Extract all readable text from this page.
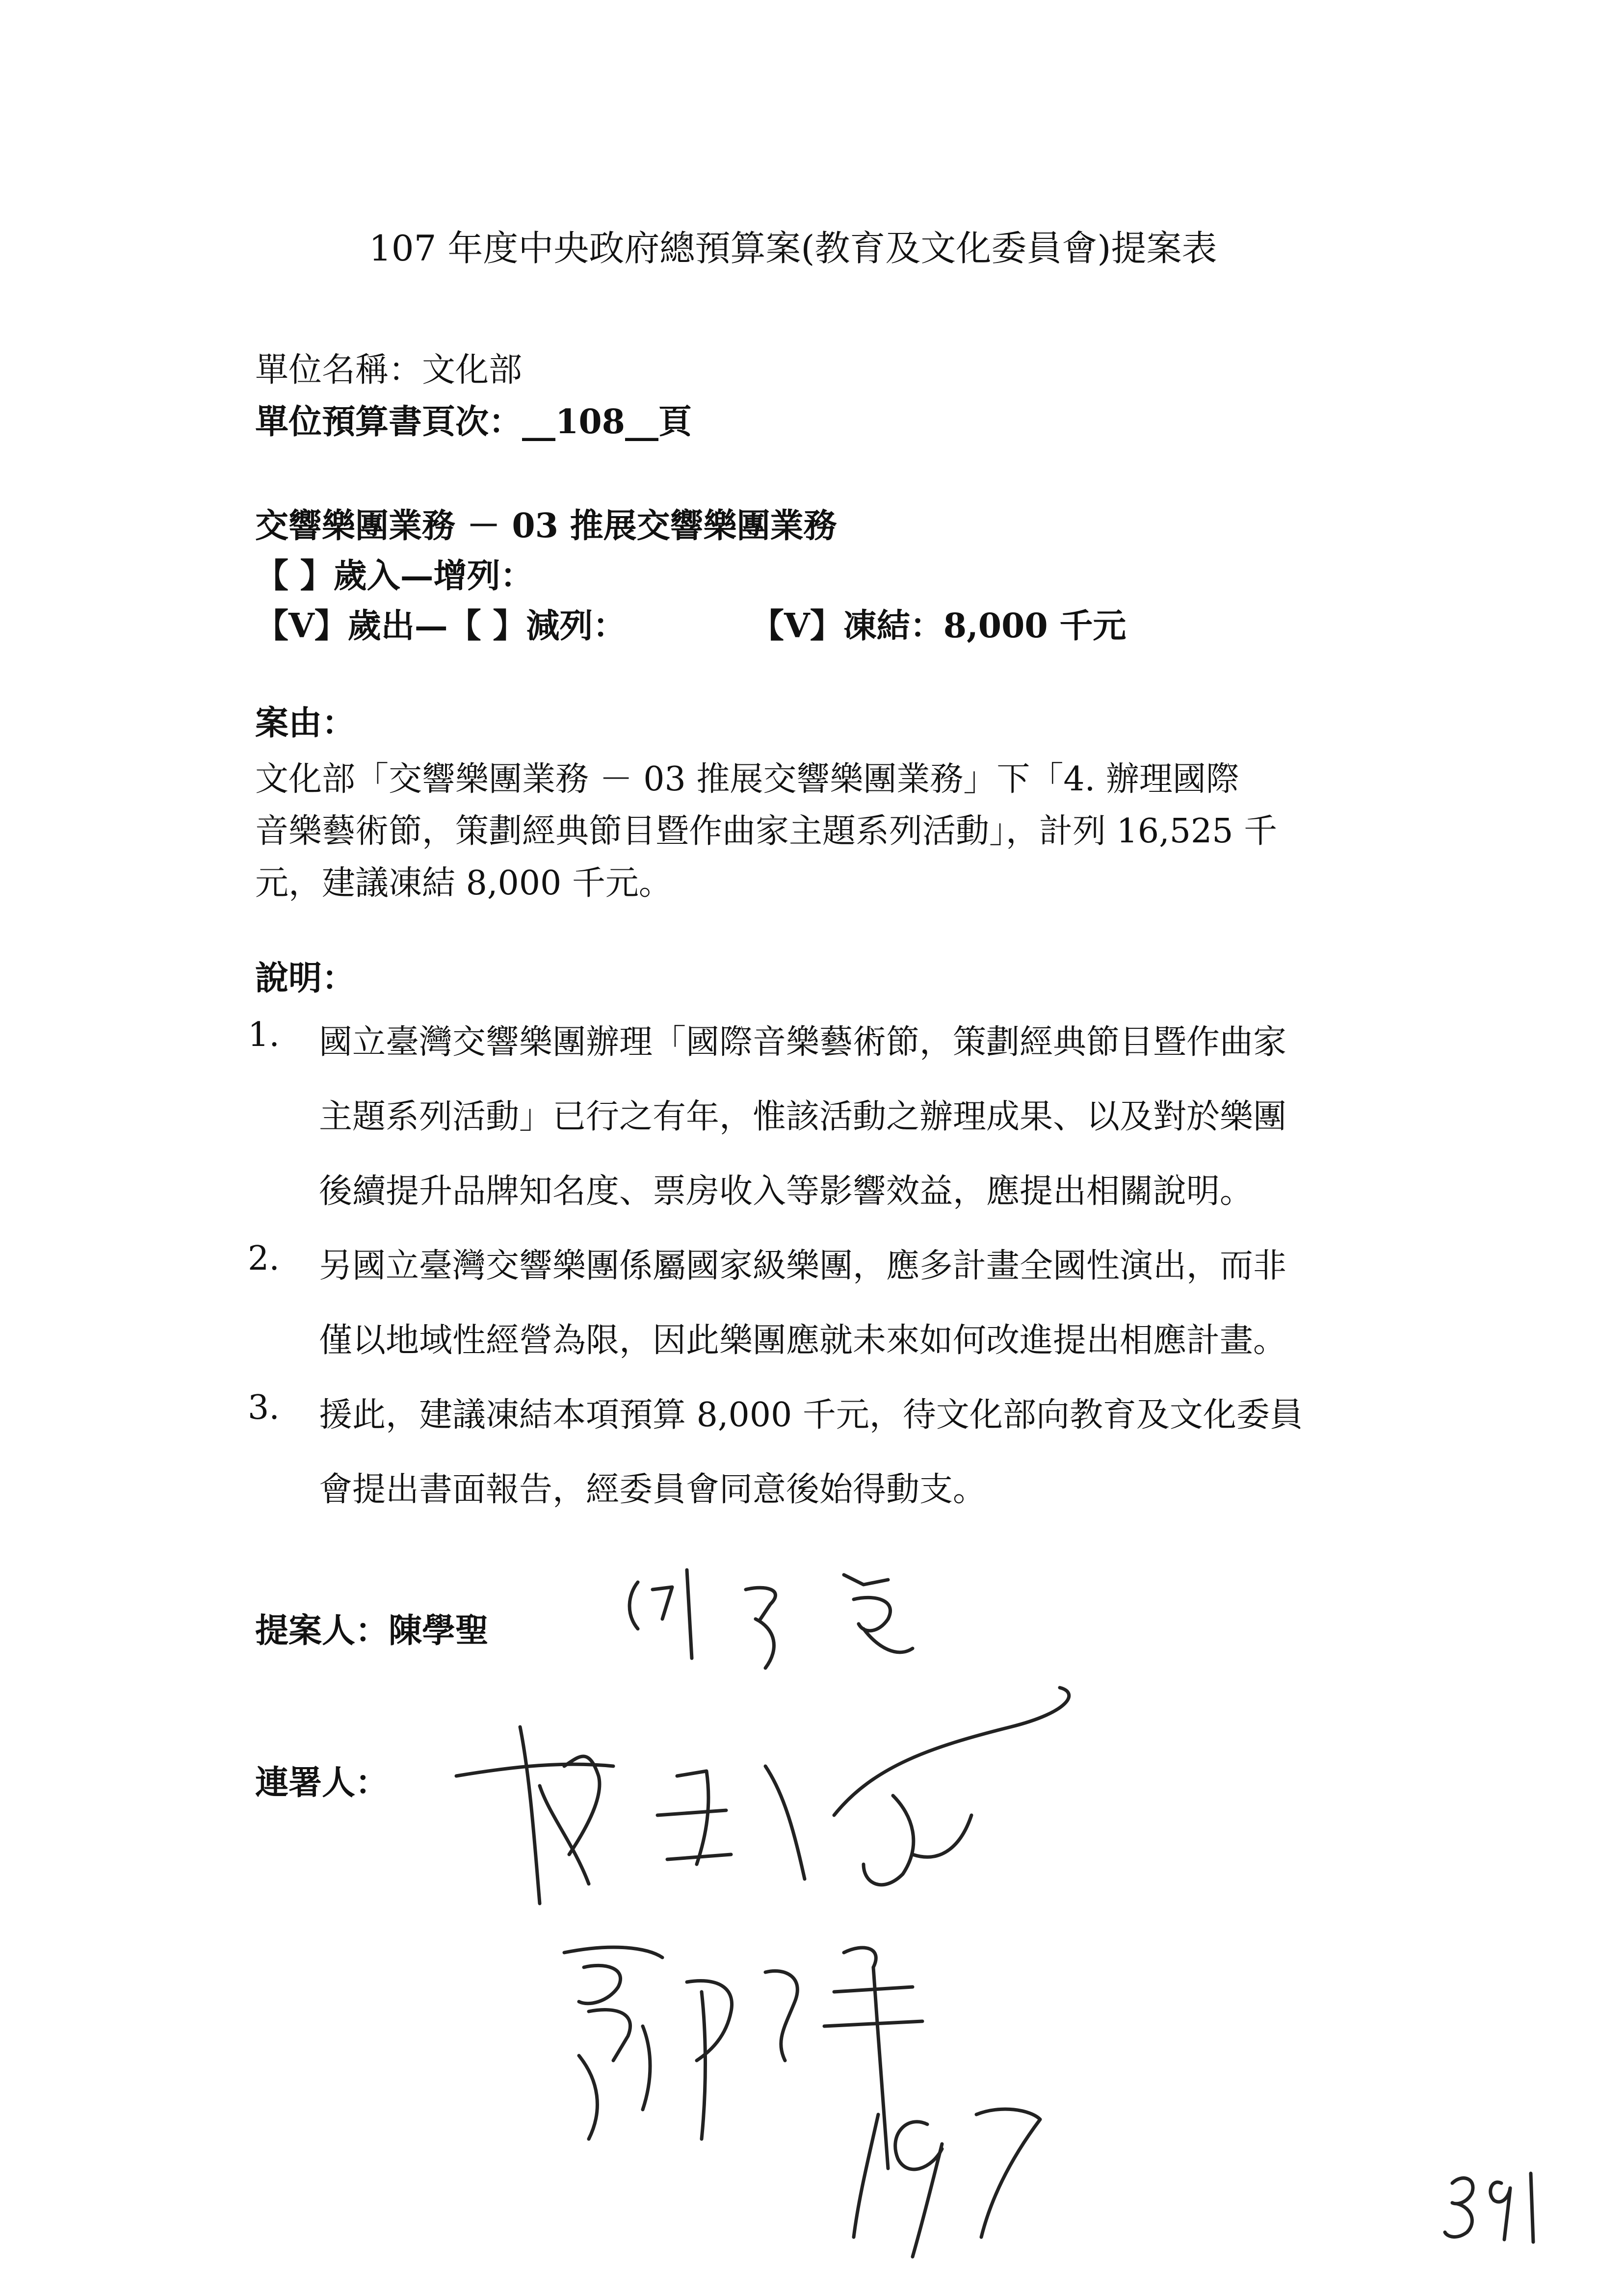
107 年度中央政府總預算案(教育及文化委員會)提案表
單位名稱：文化部
單位預算書頁次：__108__頁
交響樂團業務 － 03 推展交響樂團業務
【 】歲入—增列：
【V】歲出—【 】減列：	【V】凍結：8,000 千元
案由：
文化部「交響樂團業務 － 03 推展交響樂團業務」下「4. 辦理國際
音樂藝術節，策劃經典節目暨作曲家主題系列活動」，計列 16,525 千
元，建議凍結 8,000 千元。
說明：
1. 國立臺灣交響樂團辦理「國際音樂藝術節，策劃經典節目暨作曲家
主題系列活動」已行之有年，惟該活動之辦理成果、以及對於樂團
後續提升品牌知名度、票房收入等影響效益，應提出相關說明。
2. 另國立臺灣交響樂團係屬國家級樂團，應多計畫全國性演出，而非
僅以地域性經營為限，因此樂團應就未來如何改進提出相應計畫。
3. 援此，建議凍結本項預算 8,000 千元，待文化部向教育及文化委員
會提出書面報告，經委員會同意後始得動支。
提案人：陳學聖
連署人：
